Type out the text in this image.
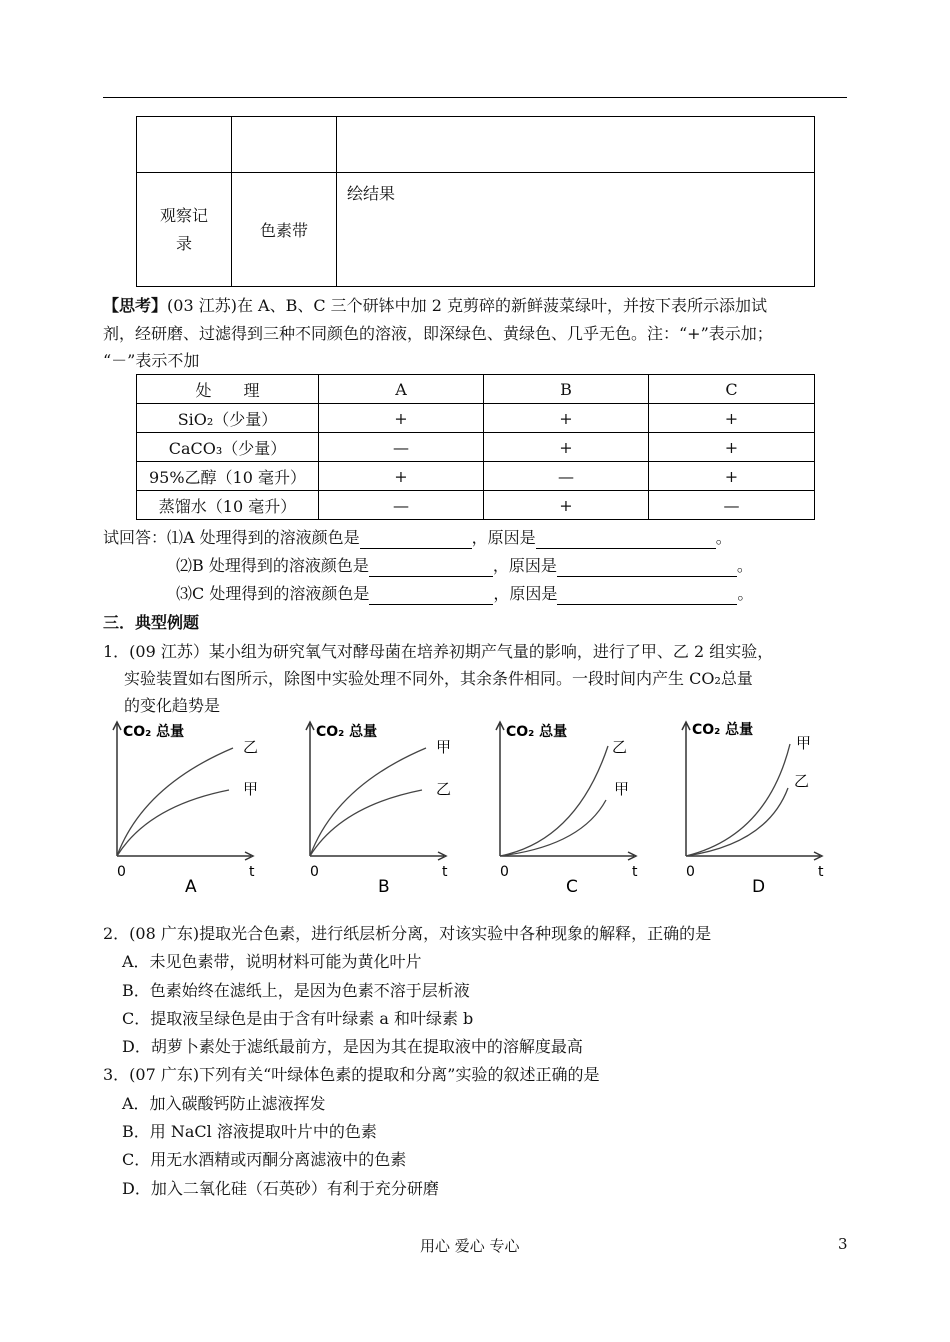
观察记录	色素带	绘结果
【思考】(03 江苏)在 A、B、C 三个研钵中加 2 克剪碎的新鲜菠菜绿叶，并按下表所示添加试
剂，经研磨、过滤得到三种不同颜色的溶液，即深绿色、黄绿色、几乎无色。注：“+”表示加；
“－”表示不加
处　　理	A	B	C
SiO₂（少量）	+	+	+
CaCO₃（少量）	—	+	+
95%乙醇（10 毫升）	+	—	+
蒸馏水（10 毫升）	—	+	—
试回答：⑴A 处理得到的溶液颜色是	，原因是	。
⑵B 处理得到的溶液颜色是	，原因是	。
⑶C 处理得到的溶液颜色是	，原因是	。
三．典型例题
1．(09 江苏）某小组为研究氧气对酵母菌在培养初期产气量的影响，进行了甲、乙 2 组实验，
实验装置如右图所示，除图中实验处理不同外，其余条件相同。一段时间内产生 CO₂总量
的变化趋势是
CO₂ 总量
0	t
乙
甲
A
CO₂ 总量
0	t
甲
乙
B
CO₂ 总量
0	t
乙
甲
C
CO₂ 总量
0	t
甲
乙
D
2．(08 广东)提取光合色素，进行纸层析分离，对该实验中各种现象的解释，正确的是
A．未见色素带，说明材料可能为黄化叶片
B．色素始终在滤纸上，是因为色素不溶于层析液
C．提取液呈绿色是由于含有叶绿素 a 和叶绿素 b
D．胡萝卜素处于滤纸最前方，是因为其在提取液中的溶解度最高
3．(07 广东)下列有关“叶绿体色素的提取和分离”实验的叙述正确的是
A．加入碳酸钙防止滤液挥发
B．用 NaCl 溶液提取叶片中的色素
C．用无水酒精或丙酮分离滤液中的色素
D．加入二氧化硅（石英砂）有利于充分研磨
用心 爱心 专心	3
